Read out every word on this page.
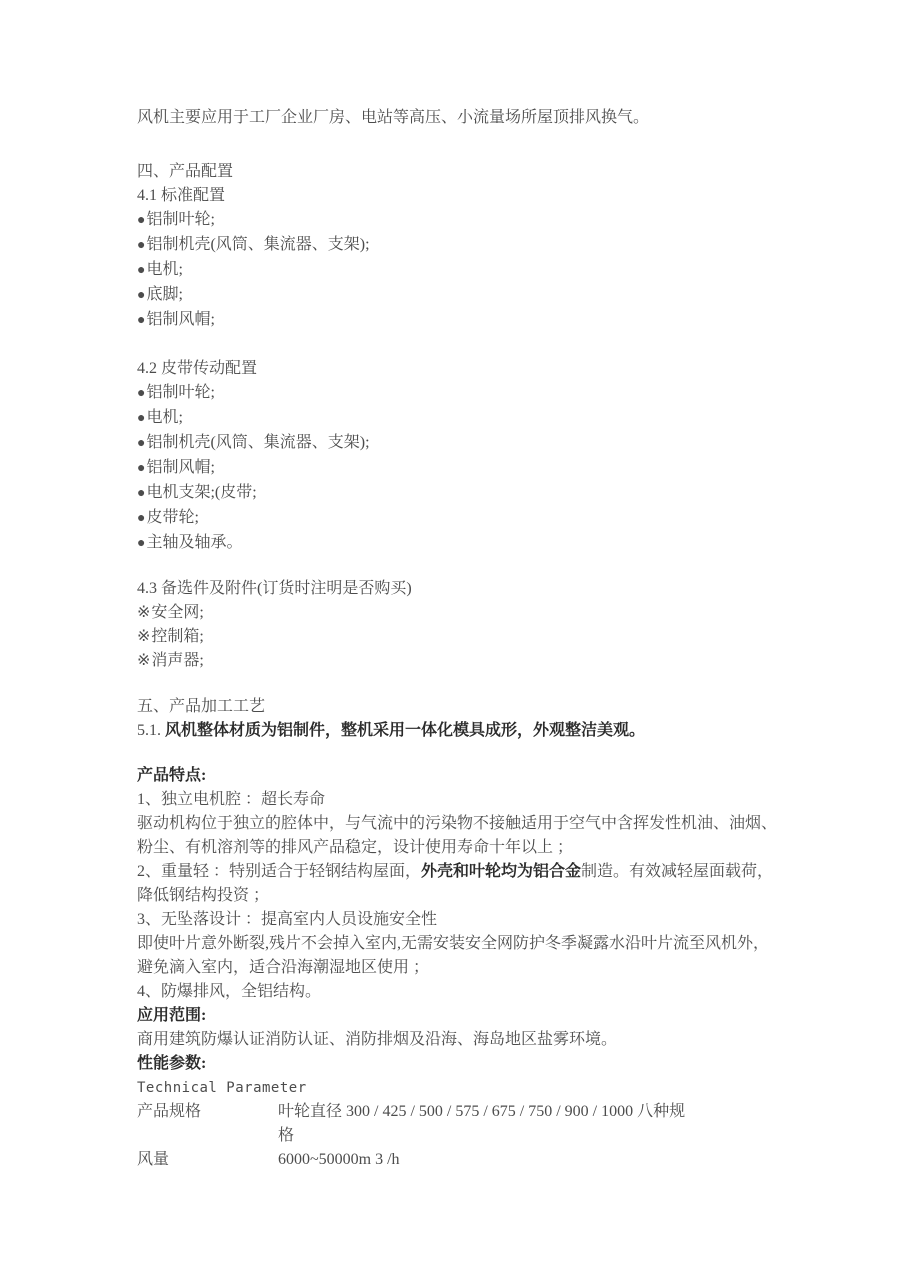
风机主要应用于工厂企业厂房、电站等高压、小流量场所屋顶排风换气。
四、产品配置
4.1 标准配置
●铝制叶轮;
●铝制机壳(风筒、集流器、支架);
●电机;
●底脚;
●铝制风帽;
4.2 皮带传动配置
●铝制叶轮;
●电机;
●铝制机壳(风筒、集流器、支架);
●铝制风帽;
●电机支架;(皮带;
●皮带轮;
●主轴及轴承。
4.3 备选件及附件(订货时注明是否购买)
※安全网;
※控制箱;
※消声器;
五、产品加工工艺
5.1. 风机整体材质为铝制件，整机采用一体化模具成形，外观整洁美观。
产品特点:
1、独立电机腔 ：超长寿命
驱动机构位于独立的腔体中，与气流中的污染物不接触适用于空气中含挥发性机油、油烟、
粉尘、有机溶剂等的排风产品稳定，设计使用寿命十年以上 ；
2、重量轻 ：特别适合于轻钢结构屋面，外壳和叶轮均为铝合金制造。有效减轻屋面载荷，
降低钢结构投资 ；
3、无坠落设计 ：提高室内人员设施安全性
即使叶片意外断裂,残片不会掉入室内,无需安装安全网防护冬季凝露水沿叶片流至风机外，
避免滴入室内，适合沿海潮湿地区使用 ；
4、防爆排风，全铝结构。
应用范围:
商用建筑防爆认证消防认证、消防排烟及沿海、海岛地区盐雾环境。
性能参数:
Technical Parameter
产品规格	叶轮直径 300 / 425 / 500 / 575 / 675 / 750 / 900 / 1000 八种规格
风量	6000~50000m 3 /h
